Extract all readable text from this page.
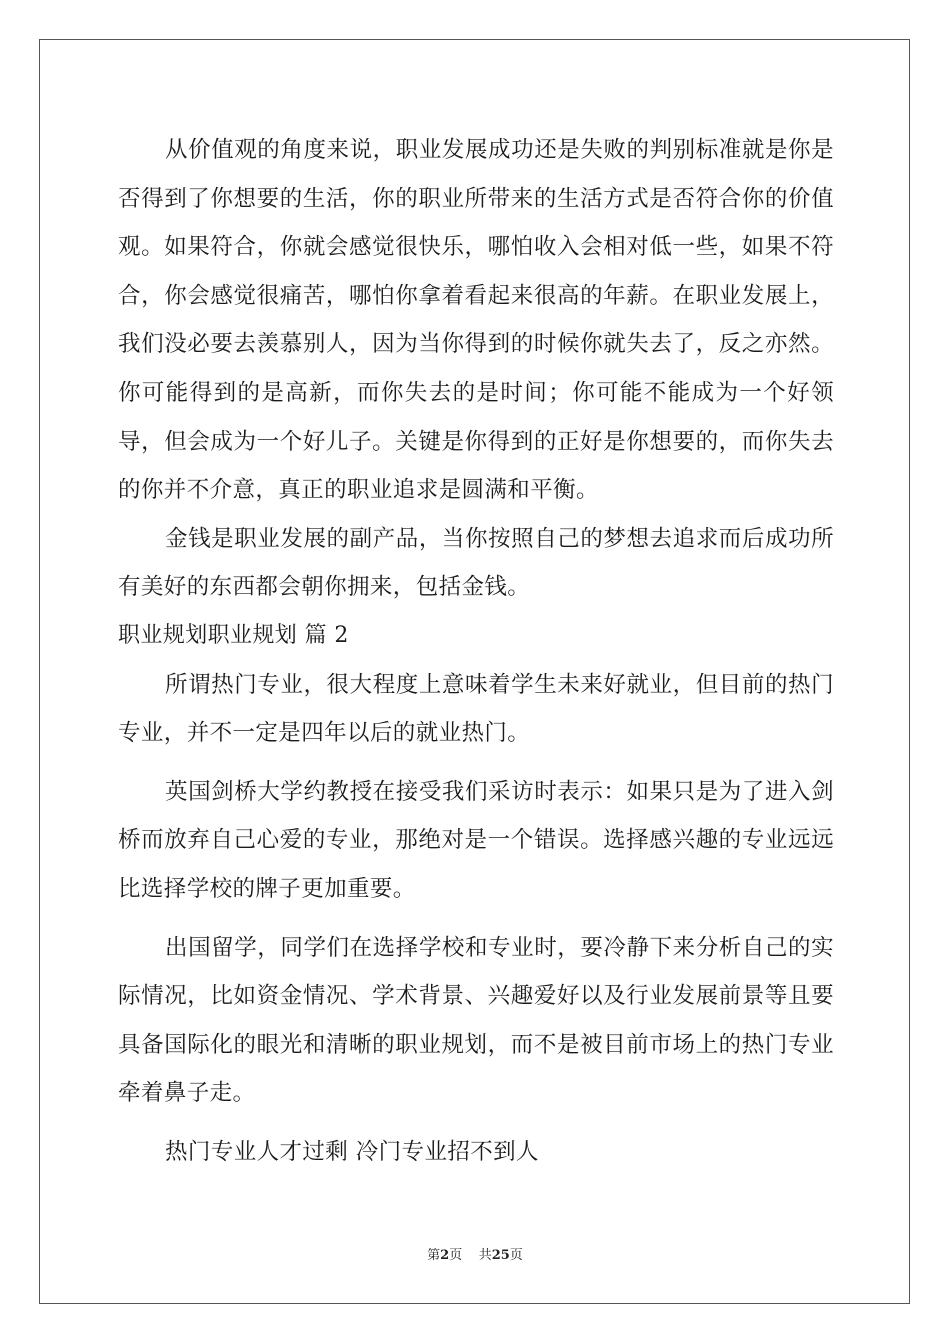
从价值观的角度来说，职业发展成功还是失败的判别标准就是你是否得到了你想要的生活，你的职业所带来的生活方式是否符合你的价值观。如果符合，你就会感觉很快乐，哪怕收入会相对低一些，如果不符合，你会感觉很痛苦，哪怕你拿着看起来很高的年薪。在职业发展上，我们没必要去羡慕别人，因为当你得到的时候你就失去了，反之亦然。你可能得到的是高新，而你失去的是时间；你可能不能成为一个好领导，但会成为一个好儿子。关键是你得到的正好是你想要的，而你失去的你并不介意，真正的职业追求是圆满和平衡。

金钱是职业发展的副产品，当你按照自己的梦想去追求而后成功所有美好的东西都会朝你拥来，包括金钱。

职业规划职业规划 篇 2

所谓热门专业，很大程度上意味着学生未来好就业，但目前的热门专业，并不一定是四年以后的就业热门。

英国剑桥大学约教授在接受我们采访时表示：如果只是为了进入剑桥而放弃自己心爱的专业，那绝对是一个错误。选择感兴趣的专业远远比选择学校的牌子更加重要。

出国留学，同学们在选择学校和专业时，要冷静下来分析自己的实际情况，比如资金情况、学术背景、兴趣爱好以及行业发展前景等且要具备国际化的眼光和清晰的职业规划，而不是被目前市场上的热门专业牵着鼻子走。

热门专业人才过剩 冷门专业招不到人

第2页    共25页
